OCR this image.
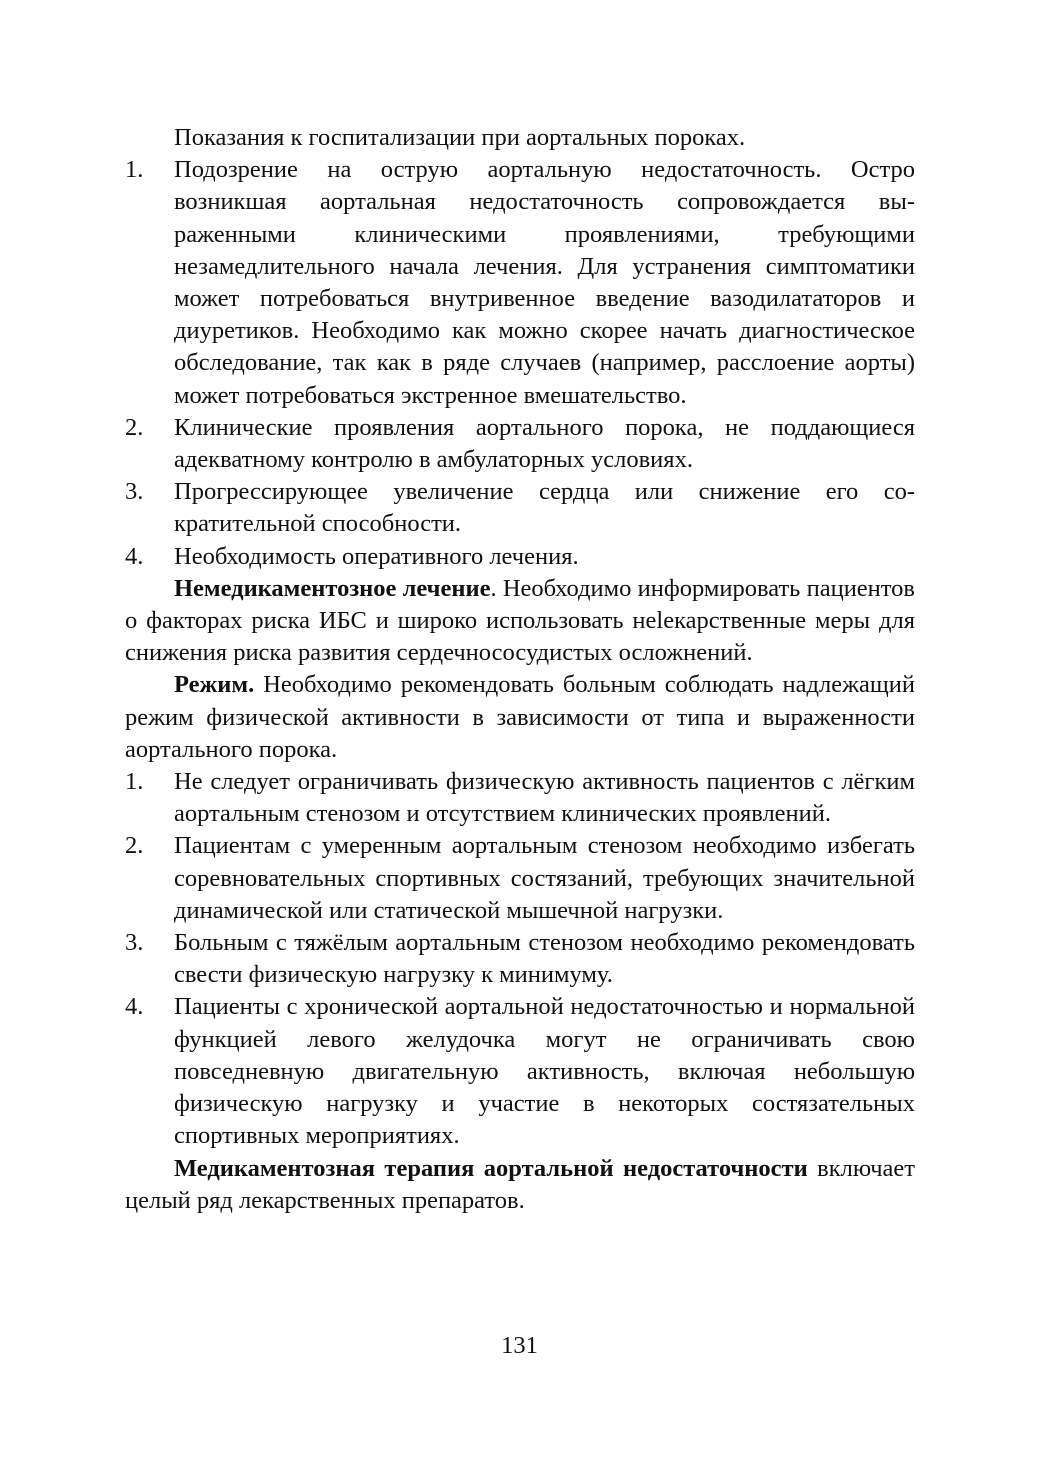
Показания к госпитализации при аортальных пороках.

1.	Подозрение на острую аортальную недостаточность. Остро возникшая аортальная недостаточность сопровождается выраженными клиническими проявлениями, требующими незамедлительного начала лечения. Для устранения симптоматики может потребоваться внутривенное введение вазодилататоров и диуретиков. Необходимо как можно скорее начать диагностическое обследование, так как в ряде случаев (например, расслоение аорты) может потребоваться экстренное вмешательство.
2.	Клинические проявления аортального порока, не поддающиеся адекватному контролю в амбулаторных условиях.
3.	Прогрессирующее увеличение сердца или снижение его сократительной способности.
4.	Необходимость оперативного лечения.

Немедикаментозное лечение. Необходимо информировать пациентов о факторах риска ИБС и широко использовать нeleкарственные меры для снижения риска развития сердечнососудистых осложнений.

Режим. Необходимо рекомендовать больным соблюдать надлежащий режим физической активности в зависимости от типа и выраженности аортального порока.

1.	Не следует ограничивать физическую активность пациентов с лёгким аортальным стенозом и отсутствием клинических проявлений.
2.	Пациентам с умеренным аортальным стенозом необходимо избегать соревновательных спортивных состязаний, требующих значительной динамической или статической мышечной нагрузки.
3.	Больным с тяжёлым аортальным стенозом необходимо рекомендовать свести физическую нагрузку к минимуму.
4.	Пациенты с хронической аортальной недостаточностью и нормальной функцией левого желудочка могут не ограничивать свою повседневную двигательную активность, включая небольшую физическую нагрузку и участие в некоторых состязательных спортивных мероприятиях.

Медикаментозная терапия аортальной недостаточности включает целый ряд лекарственных препаратов.

131
